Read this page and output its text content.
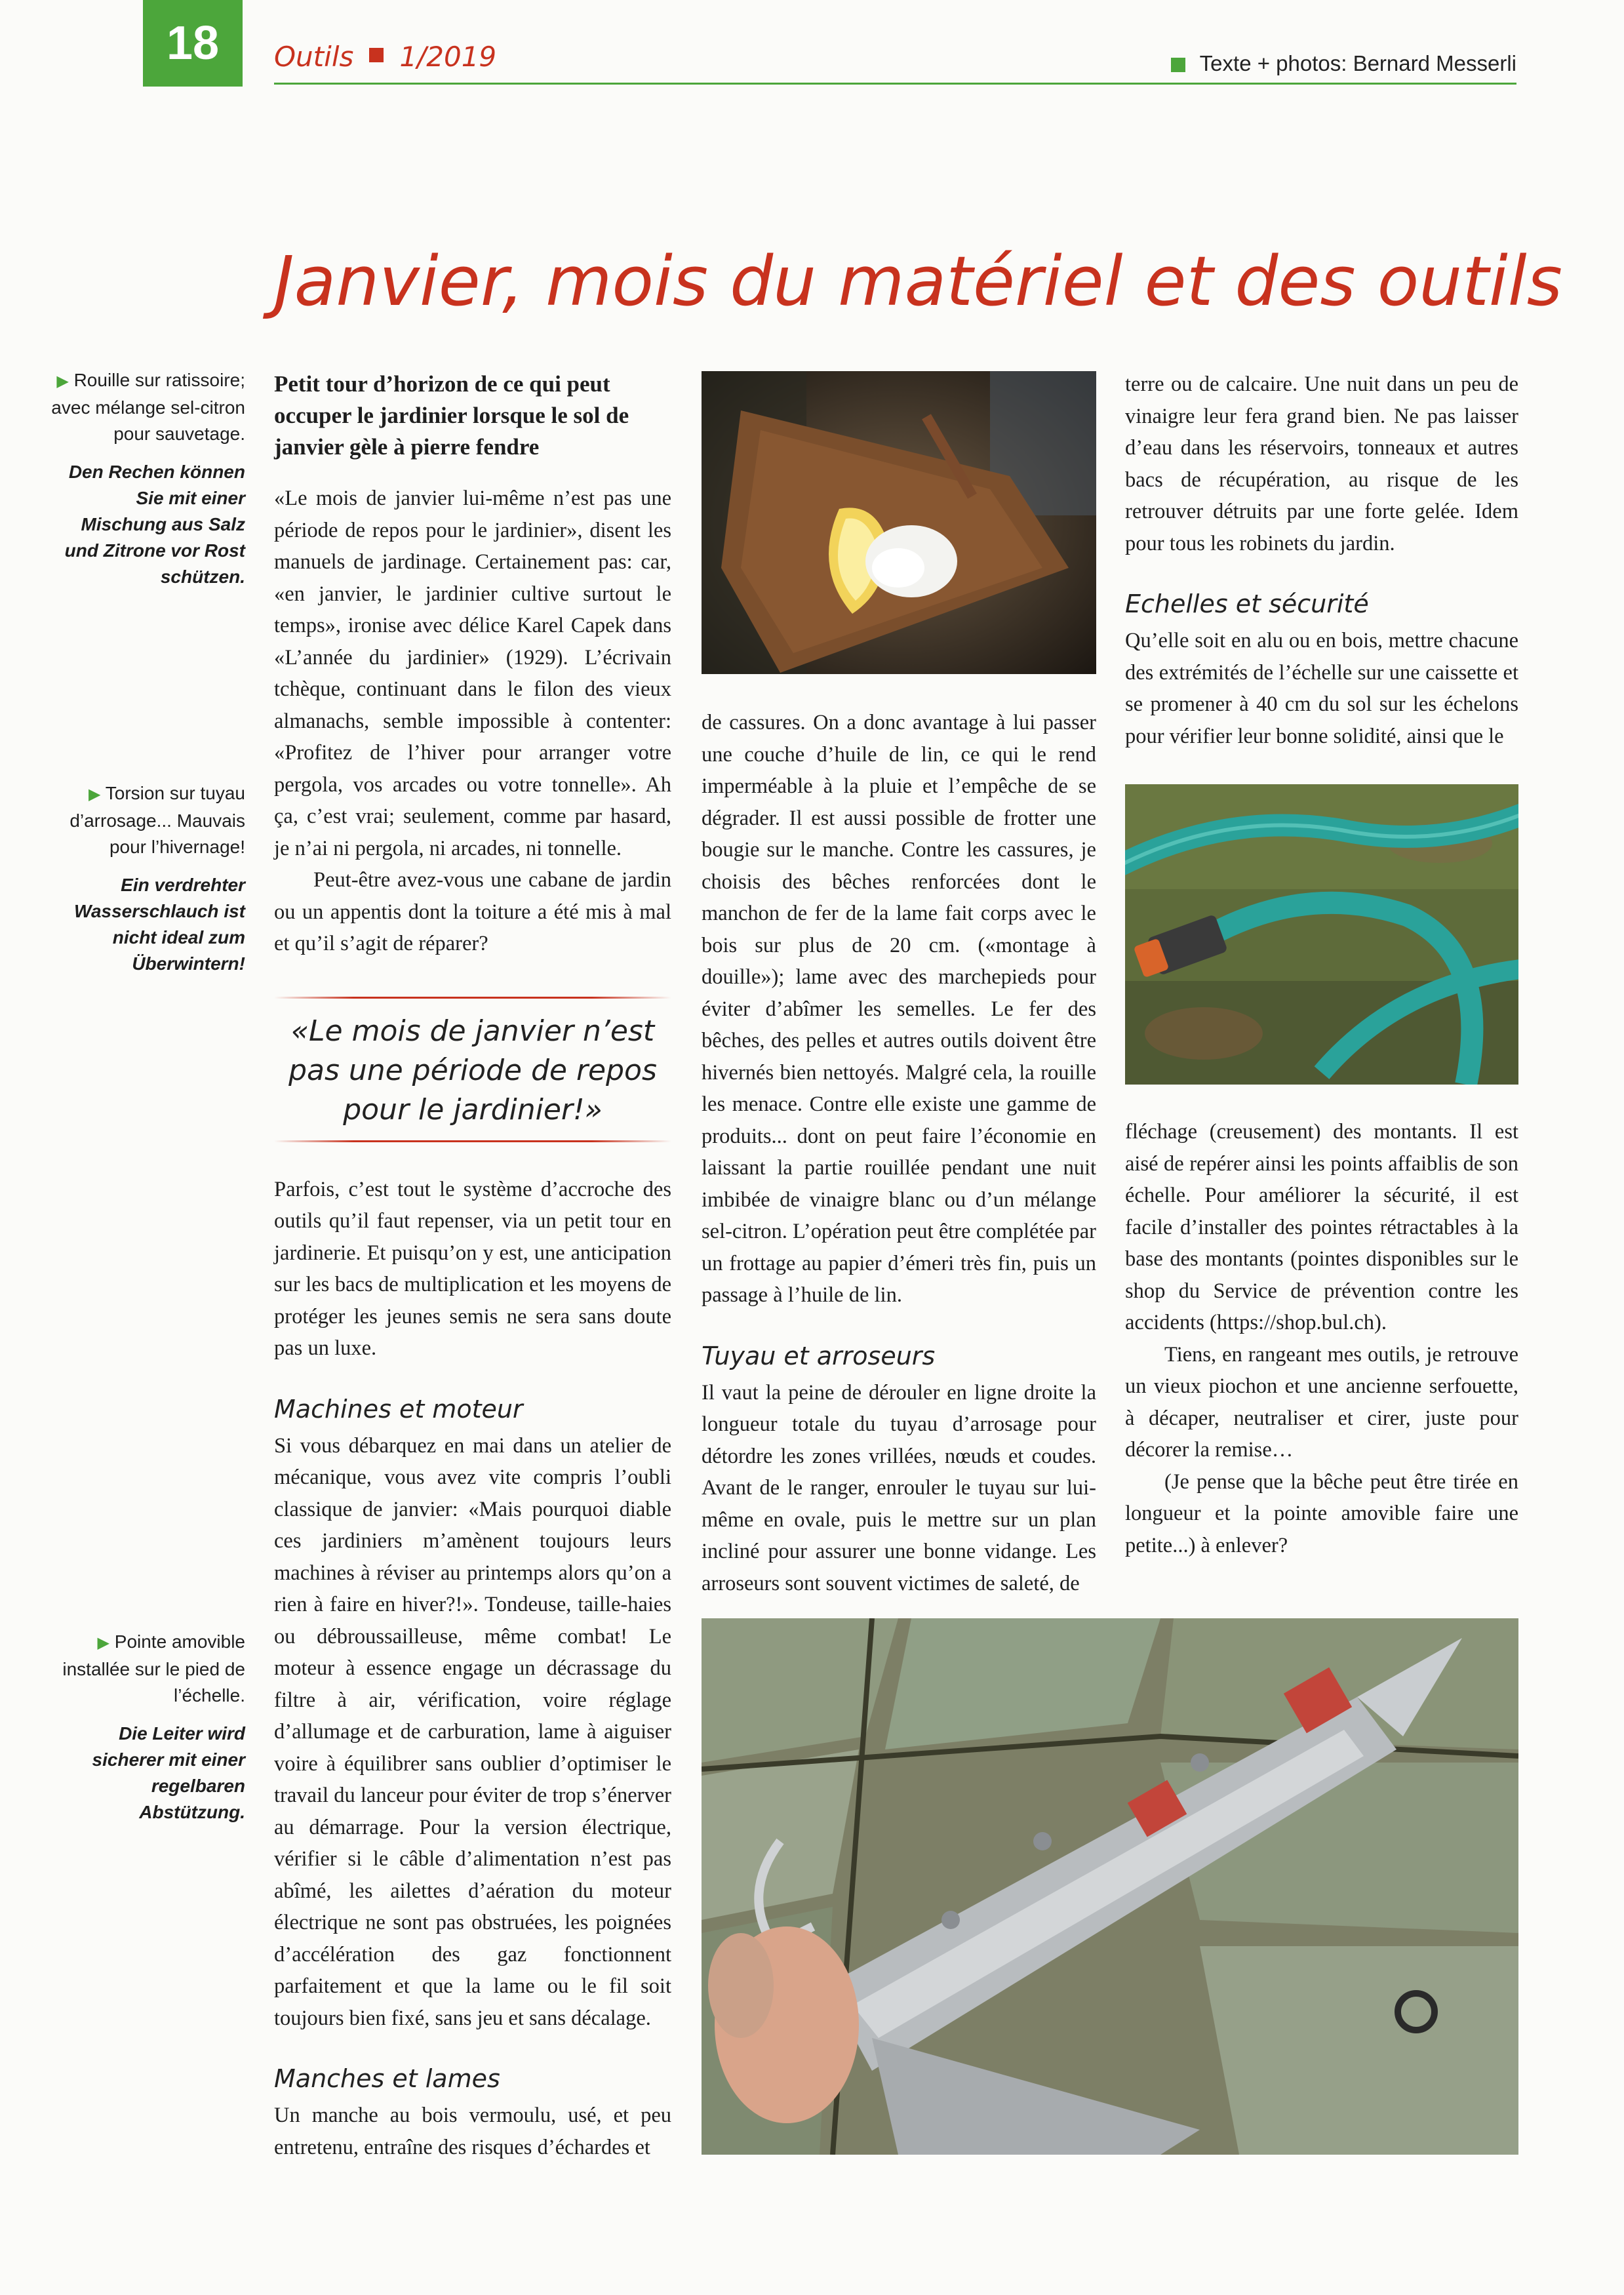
18	Outils 1/2019	Texte + photos: Bernard Messerli
Janvier, mois du matériel et des outils
▶ Rouille sur ratissoire; avec mélange sel-citron pour sauvetage.
Den Rechen können Sie mit einer Mischung aus Salz und Zitrone vor Rost schützen.
▶ Torsion sur tuyau d’arrosage... Mauvais pour l’hivernage!
Ein verdrehter Wasserschlauch ist nicht ideal zum Überwintern!
▶ Pointe amovible installée sur le pied de l’échelle.
Die Leiter wird sicherer mit einer regelbaren Abstützung.

Petit tour d’horizon de ce qui peut occuper le jardinier lorsque le sol de janvier gèle à pierre fendre

«Le mois de janvier lui-même n’est pas une période de repos pour le jardinier», disent les manuels de jardinage. Certainement pas: car, «en janvier, le jardinier cultive surtout le temps», ironise avec délice Karel Capek dans «L’année du jardinier» (1929). L’écrivain tchèque, continuant dans le filon des vieux almanachs, semble impossible à contenter: «Profitez de l’hiver pour arranger votre pergola, vos arcades ou votre tonnelle». Ah ça, c’est vrai; seulement, comme par hasard, je n’ai ni pergola, ni arcades, ni tonnelle.

Peut-être avez-vous une cabane de jardin ou un appentis dont la toiture a été mis à mal et qu’il s’agit de réparer?

«Le mois de janvier n’est pas une période de repos pour le jardinier!»

Parfois, c’est tout le système d’accroche des outils qu’il faut repenser, via un petit tour en jardinerie. Et puisqu’on y est, une anticipation sur les bacs de multiplication et les moyens de protéger les jeunes semis ne sera sans doute pas un luxe.

Machines et moteur

Si vous débarquez en mai dans un atelier de mécanique, vous avez vite compris l’oubli classique de janvier: «Mais pourquoi diable ces jardiniers m’amènent toujours leurs machines à réviser au printemps alors qu’on a rien à faire en hiver?!». Tondeuse, taille-haies ou débroussailleuse, même combat! Le moteur à essence engage un décrassage du filtre à air, vérification, voire réglage d’allumage et de carburation, lame à aiguiser voire à équilibrer sans oublier d’optimiser le travail du lanceur pour éviter de trop s’énerver au démarrage. Pour la version électrique, vérifier si le câble d’alimentation n’est pas abîmé, les ailettes d’aération du moteur électrique ne sont pas obstruées, les poignées d’accélération des gaz fonctionnent parfaitement et que la lame ou le fil soit toujours bien fixé, sans jeu et sans décalage.

Manches et lames

Un manche au bois vermoulu, usé, et peu entretenu, entraîne des risques d’échardes et

de cassures. On a donc avantage à lui passer une couche d’huile de lin, ce qui le rend imperméable à la pluie et l’empêche de se dégrader. Il est aussi possible de frotter une bougie sur le manche. Contre les cassures, je choisis des bêches renforcées dont le manchon de fer de la lame fait corps avec le bois sur plus de 20 cm. («montage à douille»); lame avec des marchepieds pour éviter d’abîmer les semelles. Le fer des bêches, des pelles et autres outils doivent être hivernés bien nettoyés. Malgré cela, la rouille les menace. Contre elle existe une gamme de produits... dont on peut faire l’économie en laissant la partie rouillée pendant une nuit imbibée de vinaigre blanc ou d’un mélange sel-citron. L’opération peut être complétée par un frottage au papier d’émeri très fin, puis un passage à l’huile de lin.

Tuyau et arroseurs

Il vaut la peine de dérouler en ligne droite la longueur totale du tuyau d’arrosage pour détordre les zones vrillées, nœuds et coudes. Avant de le ranger, enrouler le tuyau sur lui-même en ovale, puis le mettre sur un plan incliné pour assurer une bonne vidange. Les arroseurs sont souvent victimes de saleté, de

terre ou de calcaire. Une nuit dans un peu de vinaigre leur fera grand bien. Ne pas laisser d’eau dans les réservoirs, tonneaux et autres bacs de récupération, au risque de les retrouver détruits par une forte gelée. Idem pour tous les robinets du jardin.

Echelles et sécurité

Qu’elle soit en alu ou en bois, mettre chacune des extrémités de l’échelle sur une caissette et se promener à 40 cm du sol sur les échelons pour vérifier leur bonne solidité, ainsi que le

fléchage (creusement) des montants. Il est aisé de repérer ainsi les points affaiblis de son échelle. Pour améliorer la sécurité, il est facile d’installer des pointes rétractables à la base des montants (pointes disponibles sur le shop du Service de prévention contre les accidents (https://shop.bul.ch).

Tiens, en rangeant mes outils, je retrouve un vieux piochon et une ancienne serfouette, à décaper, neutraliser et cirer, juste pour décorer la remise…

(Je pense que la bêche peut être tirée en longueur et la pointe amovible faire une petite...) à enlever?
